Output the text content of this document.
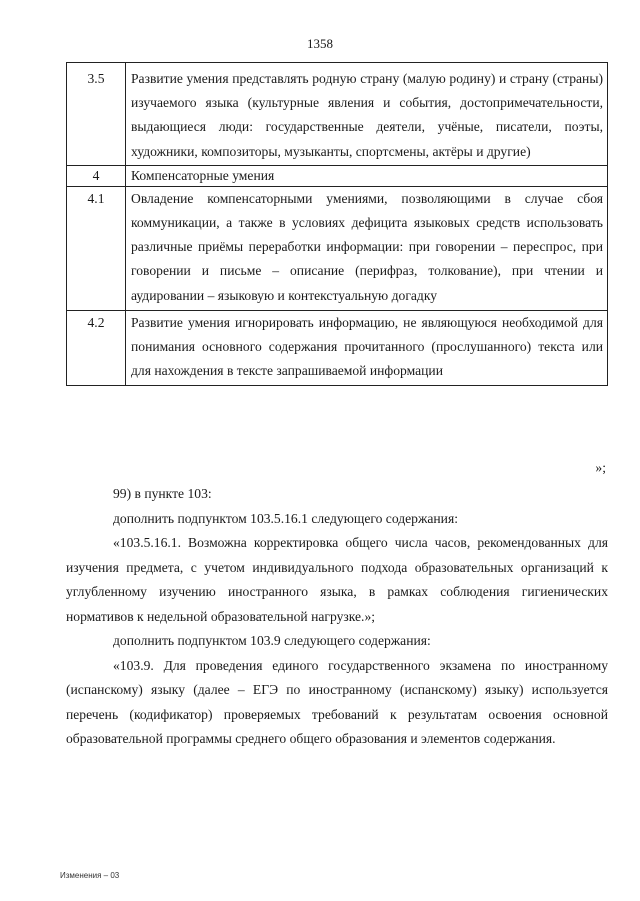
1358
3.5	Развитие умения представлять родную страну (малую родину) и страну (страны) изучаемого языка (культурные явления и события, достопримечательности, выдающиеся люди: государственные деятели, учёные, писатели, поэты, художники, композиторы, музыканты, спортсмены, актёры и другие)

4	Компенсаторные умения

4.1	Овладение компенсаторными умениями, позволяющими в случае сбоя коммуникации, а также в условиях дефицита языковых средств использовать различные приёмы переработки информации: при говорении – переспрос, при говорении и письме – описание (перифраз, толкование), при чтении и аудировании – языковую и контекстуальную догадку

4.2	Развитие умения игнорировать информацию, не являющуюся необходимой для понимания основного содержания прочитанного (прослушанного) текста или для нахождения в тексте запрашиваемой информации
»;

99) в пункте 103:

дополнить подпунктом 103.5.16.1 следующего содержания:

«103.5.16.1. Возможна корректировка общего числа часов, рекомендованных для изучения предмета, с учетом индивидуального подхода образовательных организаций к углубленному изучению иностранного языка, в рамках соблюдения гигиенических нормативов к недельной образовательной нагрузке.»;

дополнить подпунктом 103.9 следующего содержания:

«103.9. Для проведения единого государственного экзамена по иностранному (испанскому) языку (далее – ЕГЭ по иностранному (испанскому) языку) используется перечень (кодификатор) проверяемых требований к результатам освоения основной образовательной программы среднего общего образования и элементов содержания.

Изменения – 03
